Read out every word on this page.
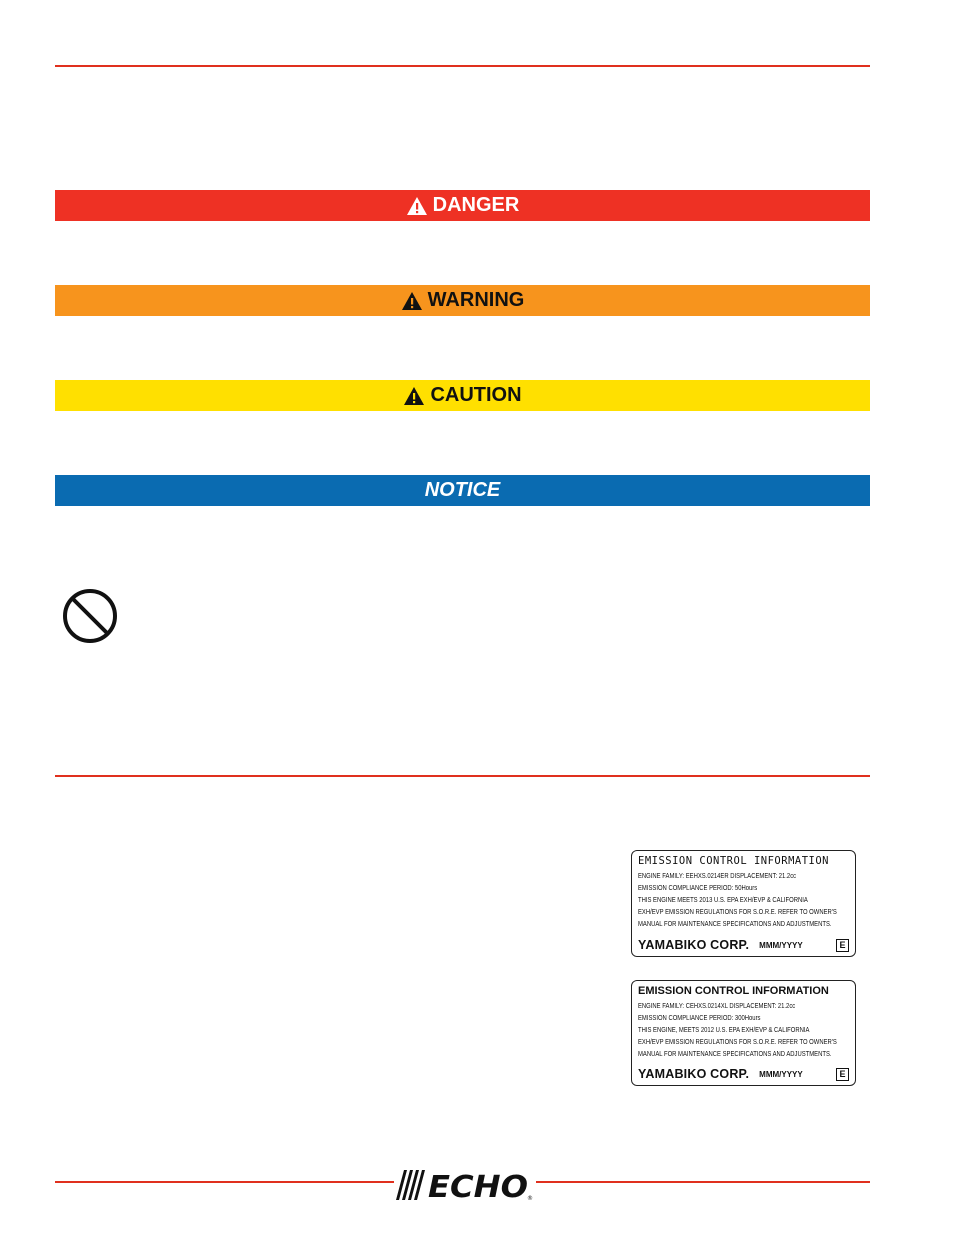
DANGER
WARNING
CAUTION
NOTICE
EMISSION CONTROL INFORMATION
ENGINE FAMILY: EEHXS.0214ER DISPLACEMENT: 21.2cc
EMISSION COMPLIANCE PERIOD: 50Hours
THIS ENGINE MEETS 2013 U.S. EPA EXH/EVP & CALIFORNIA
EXH/EVP EMISSION REGULATIONS FOR S.O.R.E. REFER TO OWNER'S
MANUAL FOR MAINTENANCE SPECIFICATIONS AND ADJUSTMENTS.
YAMABIKO CORP. MMM/YYYY	E
EMISSION CONTROL INFORMATION
ENGINE FAMILY: CEHXS.0214XL DISPLACEMENT: 21.2cc
EMISSION COMPLIANCE PERIOD: 300Hours
THIS ENGINE, MEETS 2012 U.S. EPA EXH/EVP & CALIFORNIA
EXH/EVP EMISSION REGULATIONS FOR S.O.R.E. REFER TO OWNER'S
MANUAL FOR MAINTENANCE SPECIFICATIONS AND ADJUSTMENTS.
YAMABIKO CORP. MMM/YYYY	E
ECHO ®
